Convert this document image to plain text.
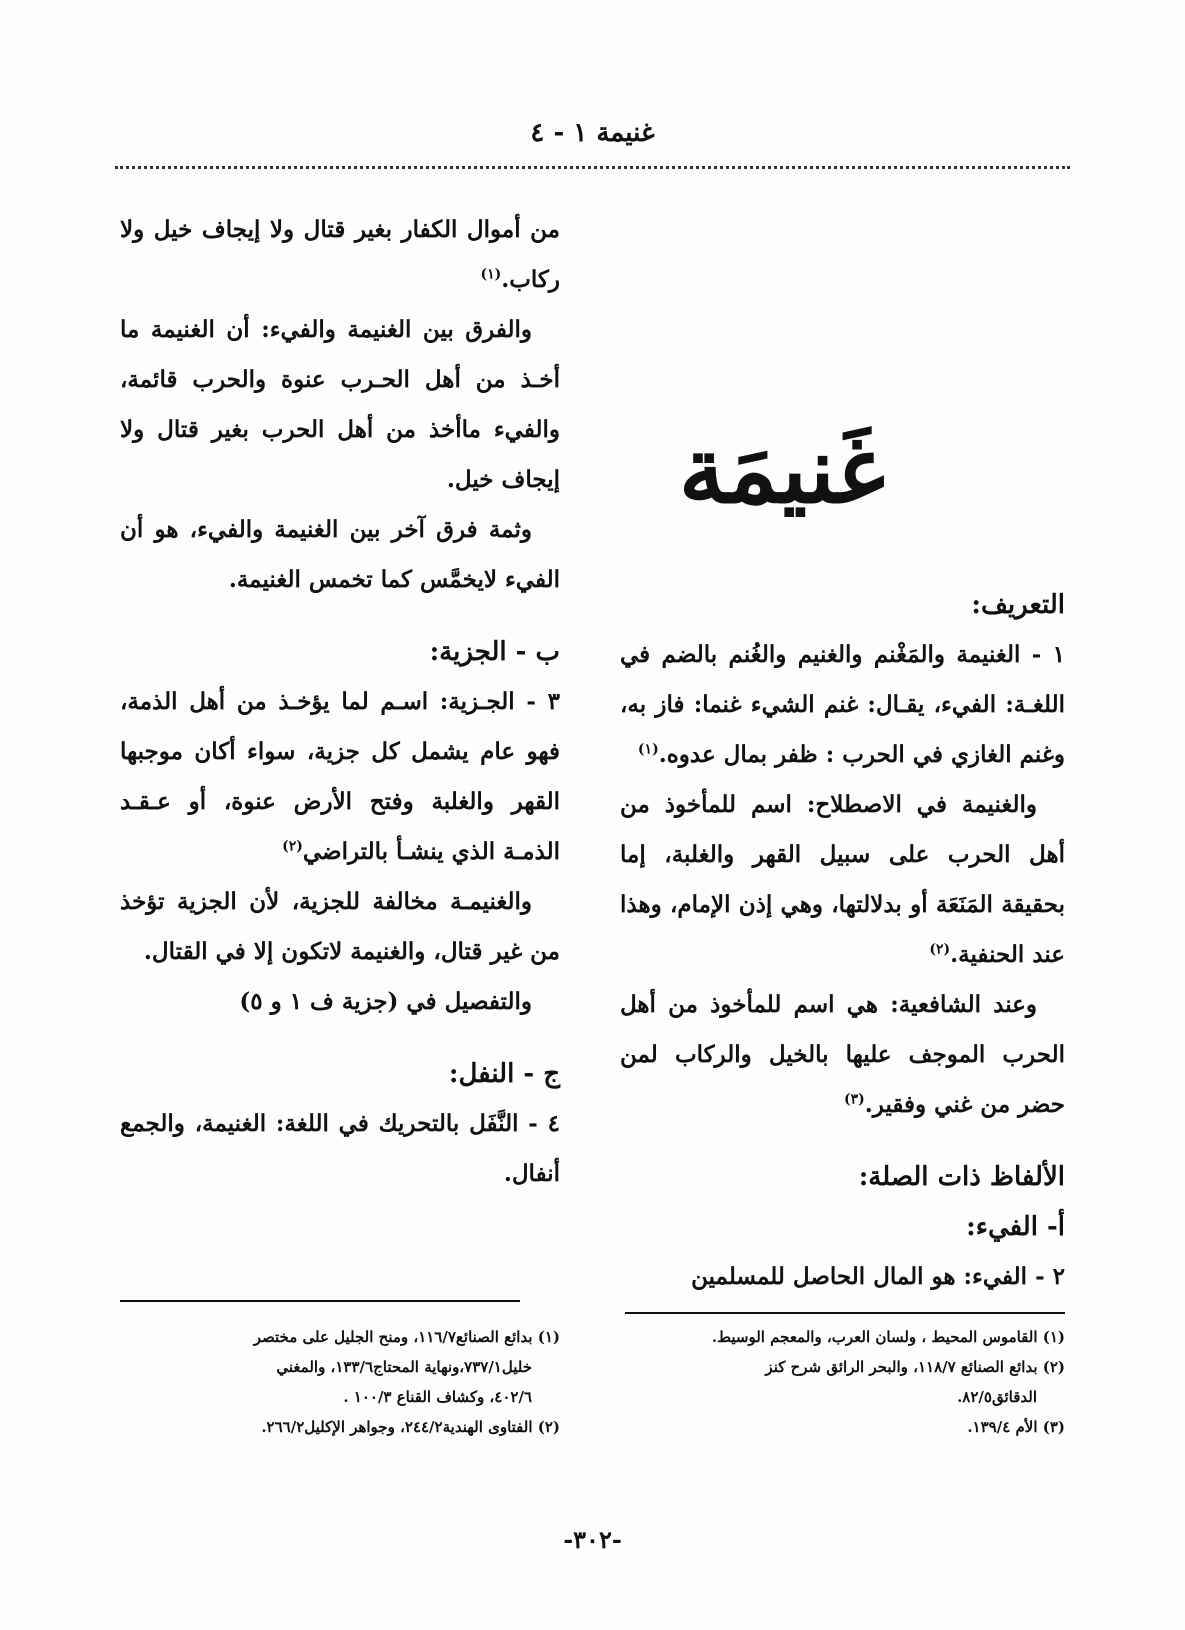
غنيمة ١ - ٤
غَنيمَة

التعريف:

١ - الغنيمة والمَغْنم والغنيم والغُنم بالضم في اللغـة: الفيء، يقـال: غنم الشيء غنما: فاز به، وغنم الغازي في الحرب : ظفر بمال عدوه.$^{(١)}$

والغنيمة في الاصطلاح: اسم للمأخوذ من أهل الحرب على سبيل القهر والغلبة، إما بحقيقة المَنَعَة أو بدلالتها، وهي إذن الإمام، وهذا عند الحنفية.$^{(٢)}$

وعند الشافعية: هي اسم للمأخوذ من أهل الحرب الموجف عليها بالخيل والركاب لمن حضر من غني وفقير.$^{(٣)}$

الألفاظ ذات الصلة:

أ- الفيء:

٢ - الفيء: هو المال الحاصل للمسلمين

من أموال الكفار بغير قتال ولا إيجاف خيل ولا ركاب.$^{(١)}$

والفرق بين الغنيمة والفيء: أن الغنيمة ما أخـذ من أهل الحـرب عنوة والحرب قائمة، والفيء ماأخذ من أهل الحرب بغير قتال ولا إيجاف خيل.

وثمة فرق آخر بين الغنيمة والفيء، هو أن الفيء لايخمَّس كما تخمس الغنيمة.

ب - الجزية:

٣ - الجـزية: اسـم لما يؤخـذ من أهل الذمة، فهو عام يشمل كل جزية، سواء أكان موجبها القهر والغلبة وفتح الأرض عنوة، أو عـقـد الذمـة الذي ينشـأ بالتراضي$^{(٢)}$

والغنيمـة مخالفة للجزية، لأن الجزية تؤخذ من غير قتال، والغنيمة لاتكون إلا في القتال.

والتفصيل في (جزية ف ١ و ٥)

ج - النفل:

٤ - النَّفَل بالتحريك في اللغة: الغنيمة، والجمع أنفال.

(١) القاموس المحيط ، ولسان العرب، والمعجم الوسيط.

(٢) بدائع الصنائع ١١٨/٧، والبحر الرائق شرح كنز

الدقائق٨٢/٥.

(٣) الأم ١٣٩/٤.

(١) بدائع الصنائع١١٦/٧، ومنح الجليل على مختصر

خليل٧٣٧/١،ونهاية المحتاج١٣٣/٦، والمغني

٤٠٢/٦، وكشاف القناع ١٠٠/٣ .

(٢) الفتاوى الهندية٢٤٤/٢، وجواهر الإكليل٢٦٦/٢.

-٣٠٢-
